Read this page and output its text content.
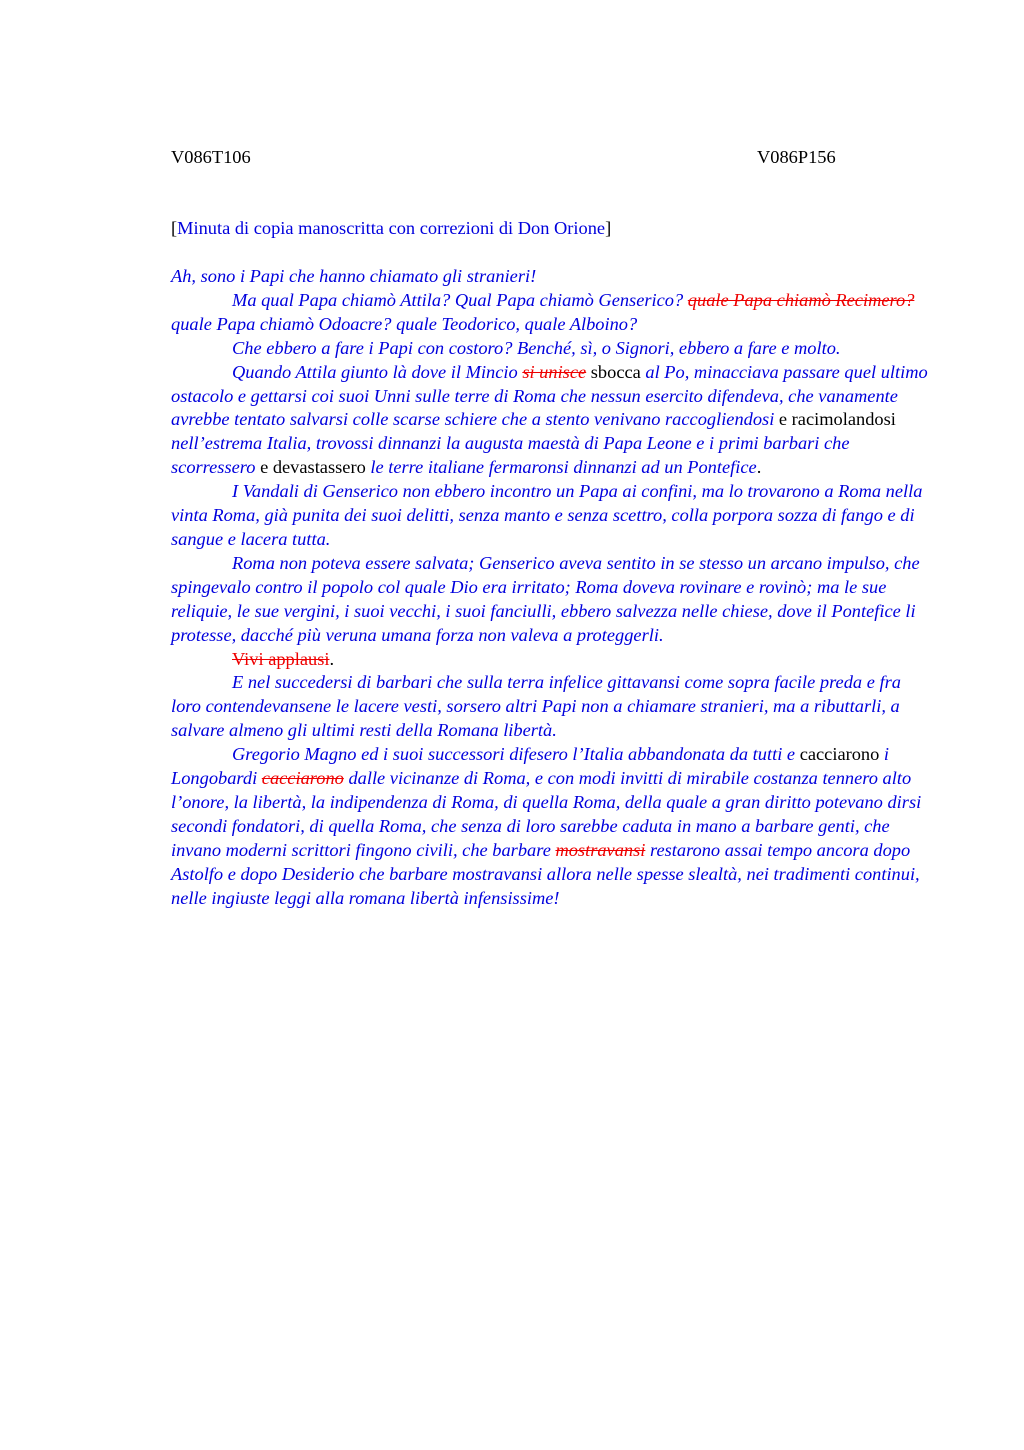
V086T106	V086P156
[Minuta di copia manoscritta con correzioni di Don Orione]

Ah, sono i Papi che hanno chiamato gli stranieri!

Ma qual Papa chiamò Attila? Qual Papa chiamò Genserico? quale Papa chiamò Recimero? quale Papa chiamò Odoacre? quale Teodorico, quale Alboino?

Che ebbero a fare i Papi con costoro? Benché, sì, o Signori, ebbero a fare e molto.

Quando Attila giunto là dove il Mincio si unisce sbocca al Po, minacciava passare quel ultimo ostacolo e gettarsi coi suoi Unni sulle terre di Roma che nessun esercito difendeva, che vanamente avrebbe tentato salvarsi colle scarse schiere che a stento venivano raccogliendosi e racimolandosi nell’estrema Italia, trovossi dinnanzi la augusta maestà di Papa Leone e i primi barbari che scorressero e devastassero le terre italiane fermaronsi dinnanzi ad un Pontefice.

I Vandali di Genserico non ebbero incontro un Papa ai confini, ma lo trovarono a Roma nella vinta Roma, già punita dei suoi delitti, senza manto e senza scettro, colla porpora sozza di fango e di sangue e lacera tutta.

Roma non poteva essere salvata; Genserico aveva sentito in se stesso un arcano impulso, che spingevalo contro il popolo col quale Dio era irritato; Roma doveva rovinare e rovinò; ma le sue reliquie, le sue vergini, i suoi vecchi, i suoi fanciulli, ebbero salvezza nelle chiese, dove il Pontefice li protesse, dacché più veruna umana forza non valeva a proteggerli.

Vivi applausi.

E nel succedersi di barbari che sulla terra infelice gittavansi come sopra facile preda e fra loro contendevansene le lacere vesti, sorsero altri Papi non a chiamare stranieri, ma a ributtarli, a salvare almeno gli ultimi resti della Romana libertà.

Gregorio Magno ed i suoi successori difesero l’Italia abbandonata da tutti e cacciarono i Longobardi cacciarono dalle vicinanze di Roma, e con modi invitti di mirabile costanza tennero alto l’onore, la libertà, la indipendenza di Roma, di quella Roma, della quale a gran diritto potevano dirsi secondi fondatori, di quella Roma, che senza di loro sarebbe caduta in mano a barbare genti, che invano moderni scrittori fingono civili, che barbare mostravansi restarono assai tempo ancora dopo Astolfo e dopo Desiderio che barbare mostravansi allora nelle spesse slealtà, nei tradimenti continui, nelle ingiuste leggi alla romana libertà infensissime!
